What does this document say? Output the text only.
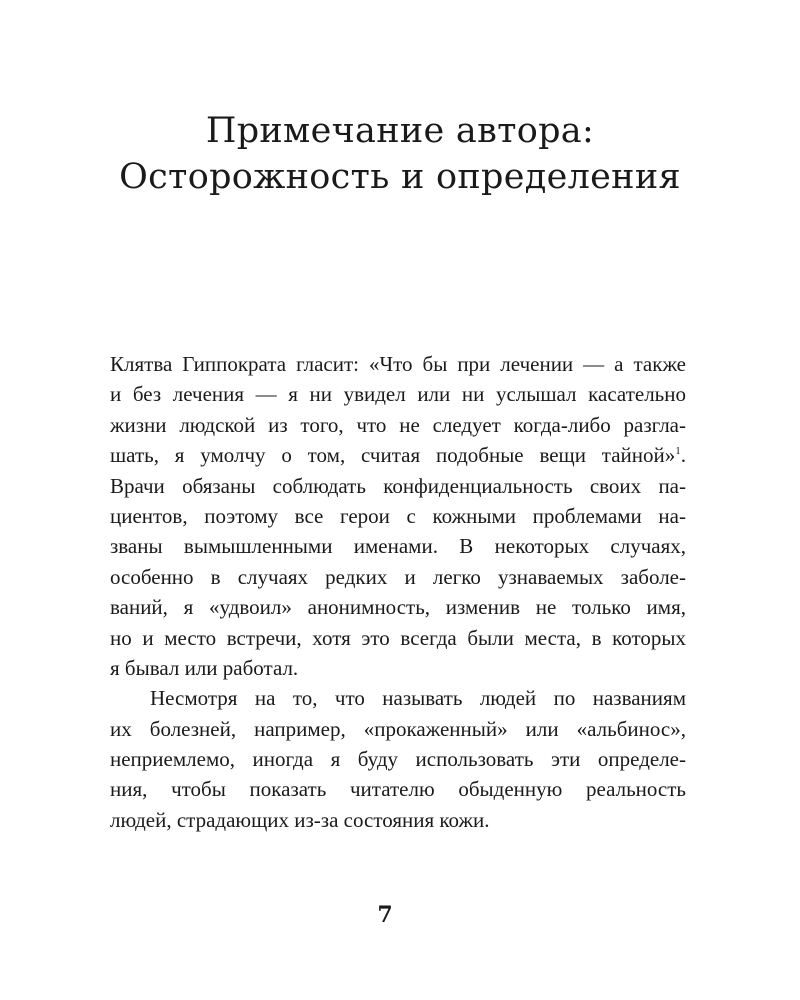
Примечание автора:
Осторожность и определения
Клятва Гиппократа гласит: «Что бы при лечении — а также
и без лечения — я ни увидел или ни услышал касательно
жизни людской из того, что не следует когда-либо разгла-
шать, я умолчу о том, считая подобные вещи тайной»$^1$.
Врачи обязаны соблюдать конфиденциальность своих па-
циентов, поэтому все герои с кожными проблемами на-
званы вымышленными именами. В некоторых случаях,
особенно в случаях редких и легко узнаваемых заболе-
ваний, я «удвоил» анонимность, изменив не только имя,
но и место встречи, хотя это всегда были места, в которых
я бывал или работал.
Несмотря на то, что называть людей по названиям
их болезней, например, «прокаженный» или «альбинос»,
неприемлемо, иногда я буду использовать эти определе-
ния, чтобы показать читателю обыденную реальность
людей, страдающих из-за состояния кожи.
7
